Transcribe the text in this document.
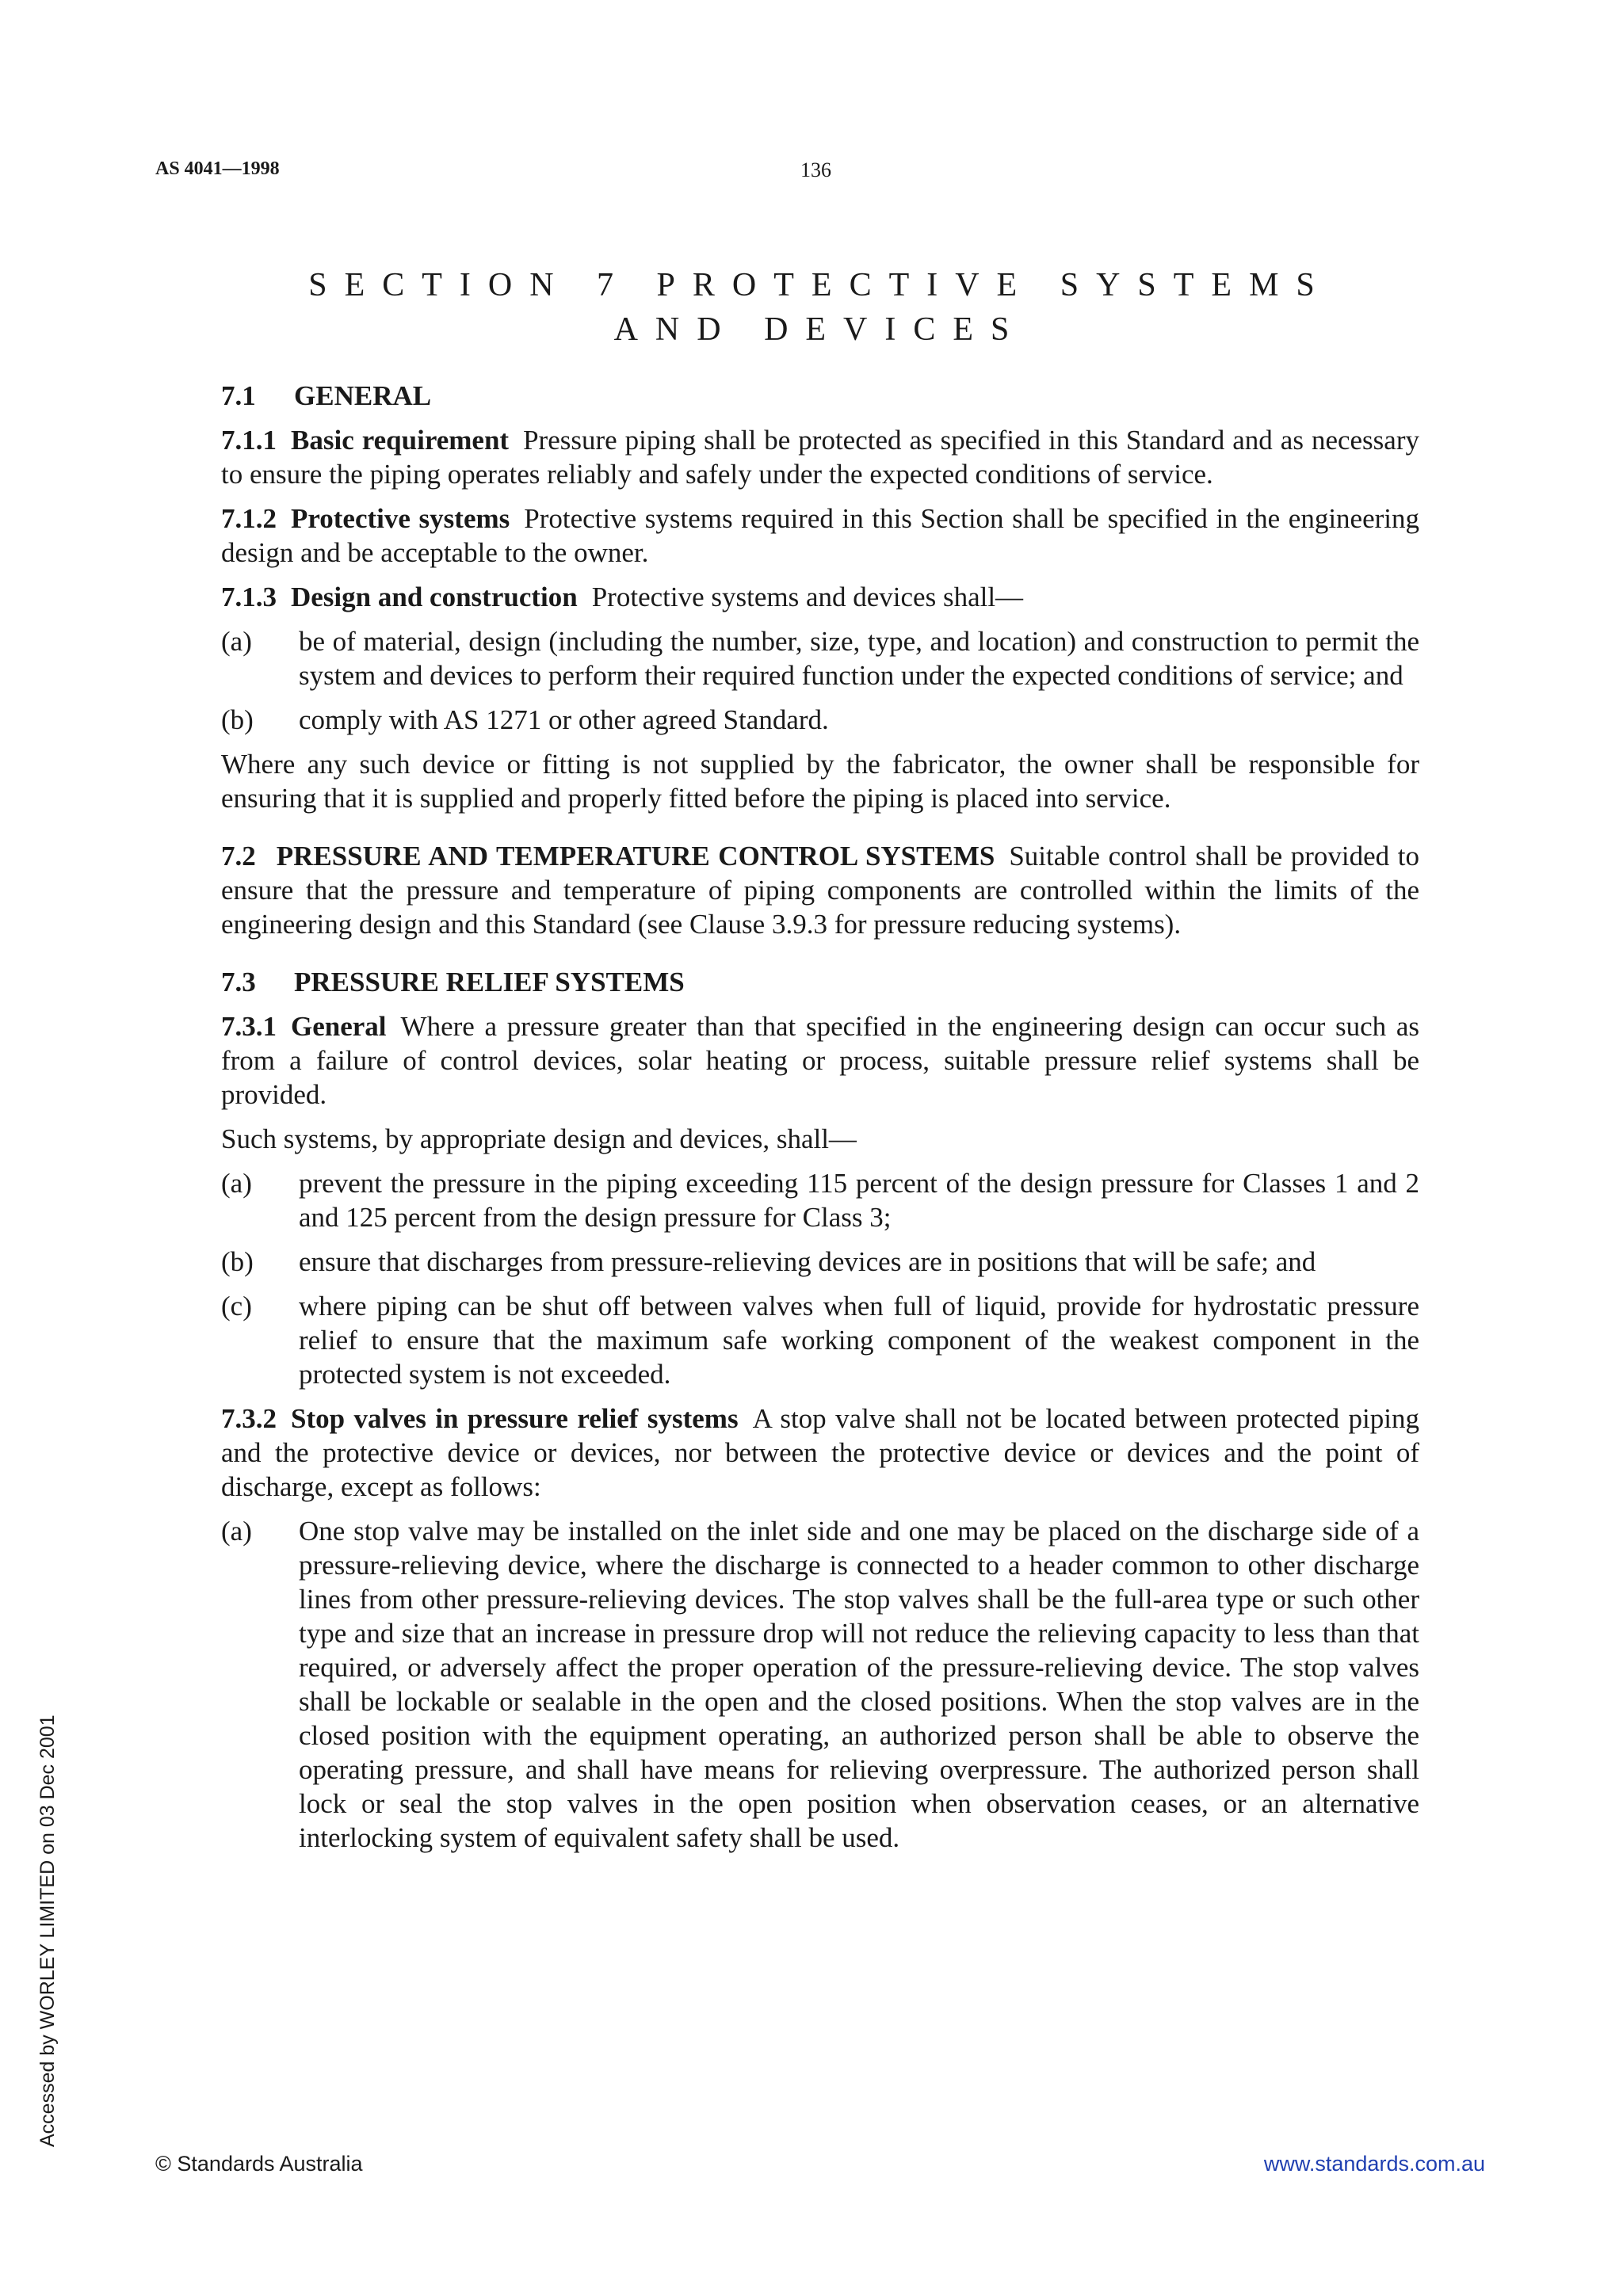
AS 4041—1998	136
SECTION 7 PROTECTIVE SYSTEMS
AND DEVICES
7.1 GENERAL

7.1.1 Basic requirement Pressure piping shall be protected as specified in this Standard and as necessary to ensure the piping operates reliably and safely under the expected conditions of service.

7.1.2 Protective systems Protective systems required in this Section shall be specified in the engineering design and be acceptable to the owner.

7.1.3 Design and construction Protective systems and devices shall—

(a)	be of material, design (including the number, size, type, and location) and construction to permit the system and devices to perform their required function under the expected conditions of service; and
(b)	comply with AS 1271 or other agreed Standard.

Where any such device or fitting is not supplied by the fabricator, the owner shall be responsible for ensuring that it is supplied and properly fitted before the piping is placed into service.

7.2 PRESSURE AND TEMPERATURE CONTROL SYSTEMS Suitable control shall be provided to ensure that the pressure and temperature of piping components are controlled within the limits of the engineering design and this Standard (see Clause 3.9.3 for pressure reducing systems).

7.3 PRESSURE RELIEF SYSTEMS

7.3.1 General Where a pressure greater than that specified in the engineering design can occur such as from a failure of control devices, solar heating or process, suitable pressure relief systems shall be provided.

Such systems, by appropriate design and devices, shall—

(a)	prevent the pressure in the piping exceeding 115 percent of the design pressure for Classes 1 and 2 and 125 percent from the design pressure for Class 3;
(b)	ensure that discharges from pressure-relieving devices are in positions that will be safe; and
(c)	where piping can be shut off between valves when full of liquid, provide for hydrostatic pressure relief to ensure that the maximum safe working component of the weakest component in the protected system is not exceeded.

7.3.2 Stop valves in pressure relief systems A stop valve shall not be located between protected piping and the protective device or devices, nor between the protective device or devices and the point of discharge, except as follows:

(a)	One stop valve may be installed on the inlet side and one may be placed on the discharge side of a pressure-relieving device, where the discharge is connected to a header common to other discharge lines from other pressure-relieving devices. The stop valves shall be the full-area type or such other type and size that an increase in pressure drop will not reduce the relieving capacity to less than that required, or adversely affect the proper operation of the pressure-relieving device. The stop valves shall be lockable or sealable in the open and the closed positions. When the stop valves are in the closed position with the equipment operating, an authorized person shall be able to observe the operating pressure, and shall have means for relieving overpressure. The authorized person shall lock or seal the stop valves in the open position when observation ceases, or an alternative interlocking system of equivalent safety shall be used.
Accessed by WORLEY LIMITED on 03 Dec 2001
© Standards Australia	www.standards.com.au
